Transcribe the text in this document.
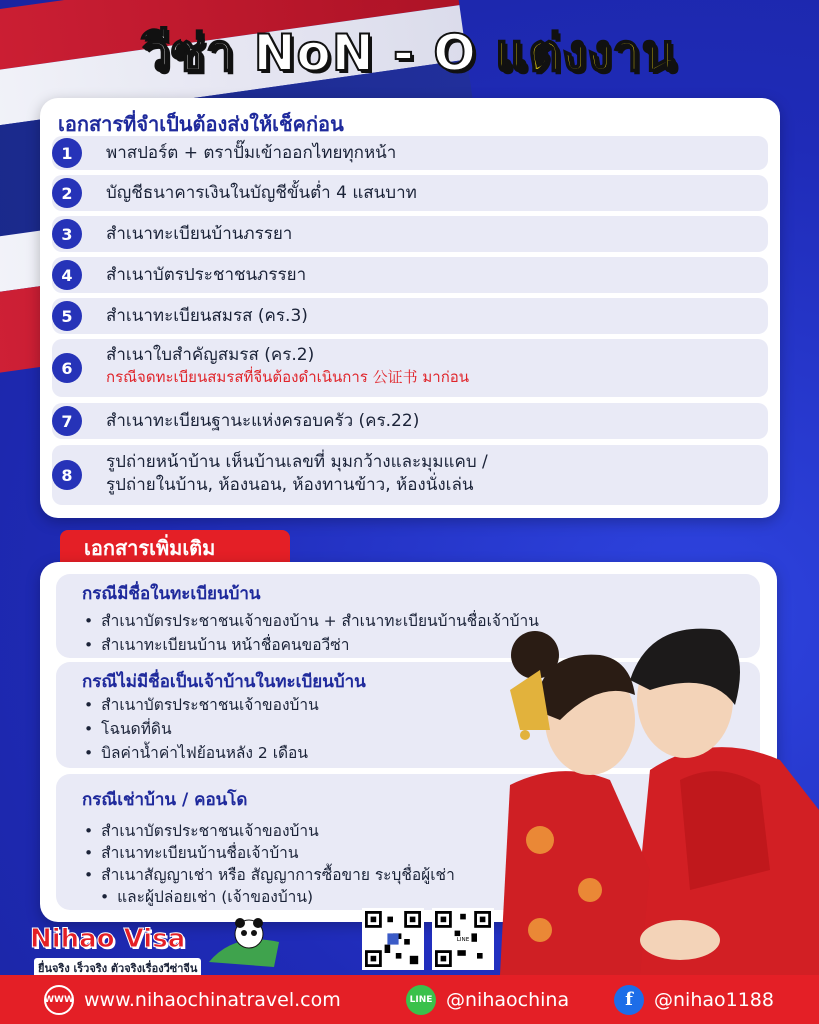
วีซ่า NoN - O แต่งงาน
เอกสารที่จำเป็นต้องส่งให้เช็คก่อน
1	พาสปอร์ต + ตราปั๊มเข้าออกไทยทุกหน้า
2	บัญชีธนาคารเงินในบัญชีขั้นต่ำ 4 แสนบาท
3	สำเนาทะเบียนบ้านภรรยา
4	สำเนาบัตรประชาชนภรรยา
5	สำเนาทะเบียนสมรส (คร.3)
6
สำเนาใบสำคัญสมรส (คร.2)
กรณีจดทะเบียนสมรสที่จีนต้องดำเนินการ 公证书 มาก่อน
7	สำเนาทะเบียนฐานะแห่งครอบครัว (คร.22)
8
รูปถ่ายหน้าบ้าน เห็นบ้านเลขที่ มุมกว้างและมุมแคบ /
รูปถ่ายในบ้าน, ห้องนอน, ห้องทานข้าว, ห้องนั่งเล่น
เอกสารเพิ่มเติม
กรณีมีชื่อในทะเบียนบ้าน
• สำเนาบัตรประชาชนเจ้าของบ้าน + สำเนาทะเบียนบ้านชื่อเจ้าบ้าน
• สำเนาทะเบียนบ้าน หน้าชื่อคนขอวีซ่า
กรณีไม่มีชื่อเป็นเจ้าบ้านในทะเบียนบ้าน
• สำเนาบัตรประชาชนเจ้าของบ้าน
• โฉนดที่ดิน
• บิลค่าน้ำค่าไฟย้อนหลัง 2 เดือน
กรณีเช่าบ้าน / คอนโด
• สำเนาบัตรประชาชนเจ้าของบ้าน
• สำเนาทะเบียนบ้านชื่อเจ้าบ้าน
• สำเนาสัญญาเช่า หรือ สัญญาการซื้อขาย ระบุชื่อผู้เช่า
• และผู้ปล่อยเช่า (เจ้าของบ้าน)
Nihao Visa
ยื่นจริง เร็วจริง ตัวจริงเรื่องวีซ่าจีน
LINE
WWW www.nihaochinatravel.com	LINE @nihaochina	f	@nihao1188
